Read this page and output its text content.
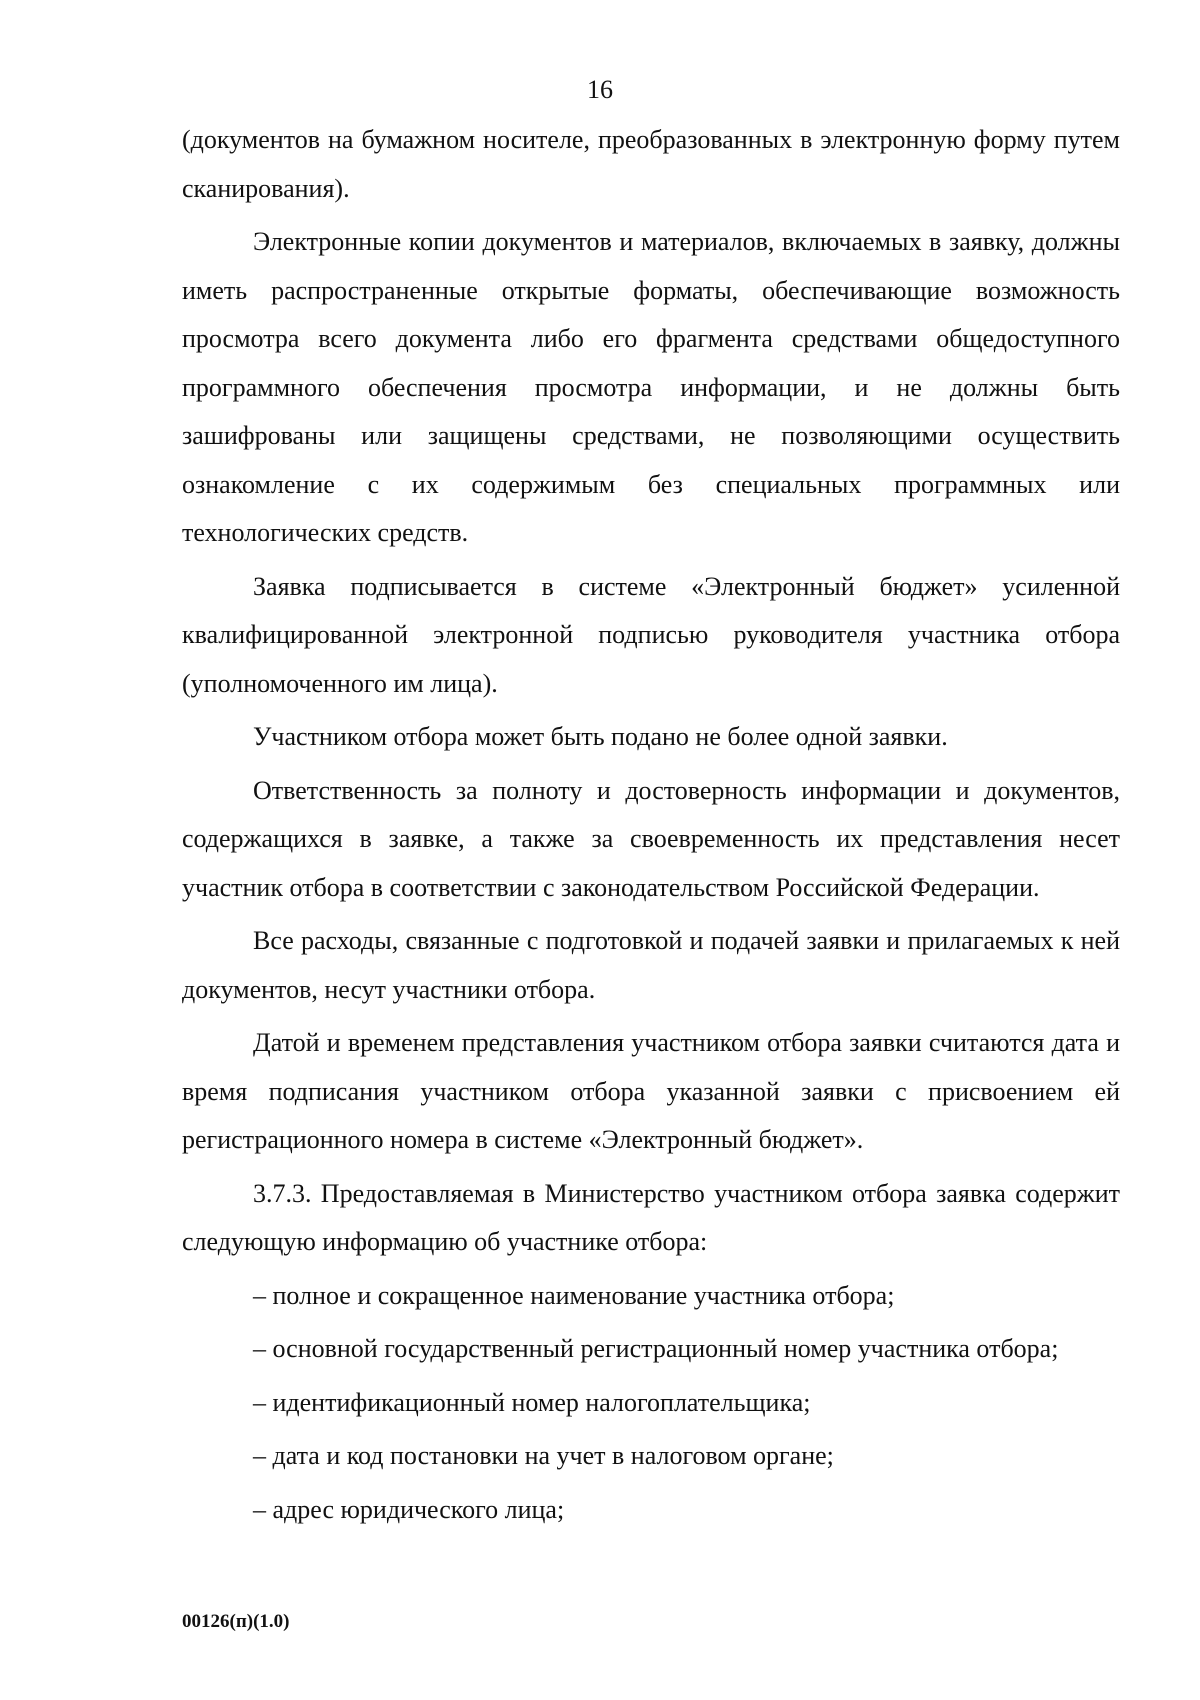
16

(документов на бумажном носителе, преобразованных в электронную форму путем сканирования).

Электронные копии документов и материалов, включаемых в заявку, должны иметь распространенные открытые форматы, обеспечивающие возможность просмотра всего документа либо его фрагмента средствами общедоступного программного обеспечения просмотра информации, и не должны быть зашифрованы или защищены средствами, не позволяющими осуществить ознакомление с их содержимым без специальных программных или технологических средств.

Заявка подписывается в системе «Электронный бюджет» усиленной квалифицированной электронной подписью руководителя участника отбора (уполномоченного им лица).

Участником отбора может быть подано не более одной заявки.

Ответственность за полноту и достоверность информации и документов, содержащихся в заявке, а также за своевременность их представления несет участник отбора в соответствии с законодательством Российской Федерации.

Все расходы, связанные с подготовкой и подачей заявки и прилагаемых к ней документов, несут участники отбора.

Датой и временем представления участником отбора заявки считаются дата и время подписания участником отбора указанной заявки с присвоением ей регистрационного номера в системе «Электронный бюджет».

3.7.3. Предоставляемая в Министерство участником отбора заявка содержит следующую информацию об участнике отбора:

– полное и сокращенное наименование участника отбора;
– основной государственный регистрационный номер участника отбора;
– идентификационный номер налогоплательщика;
– дата и код постановки на учет в налоговом органе;
– адрес юридического лица;
00126(п)(1.0)
